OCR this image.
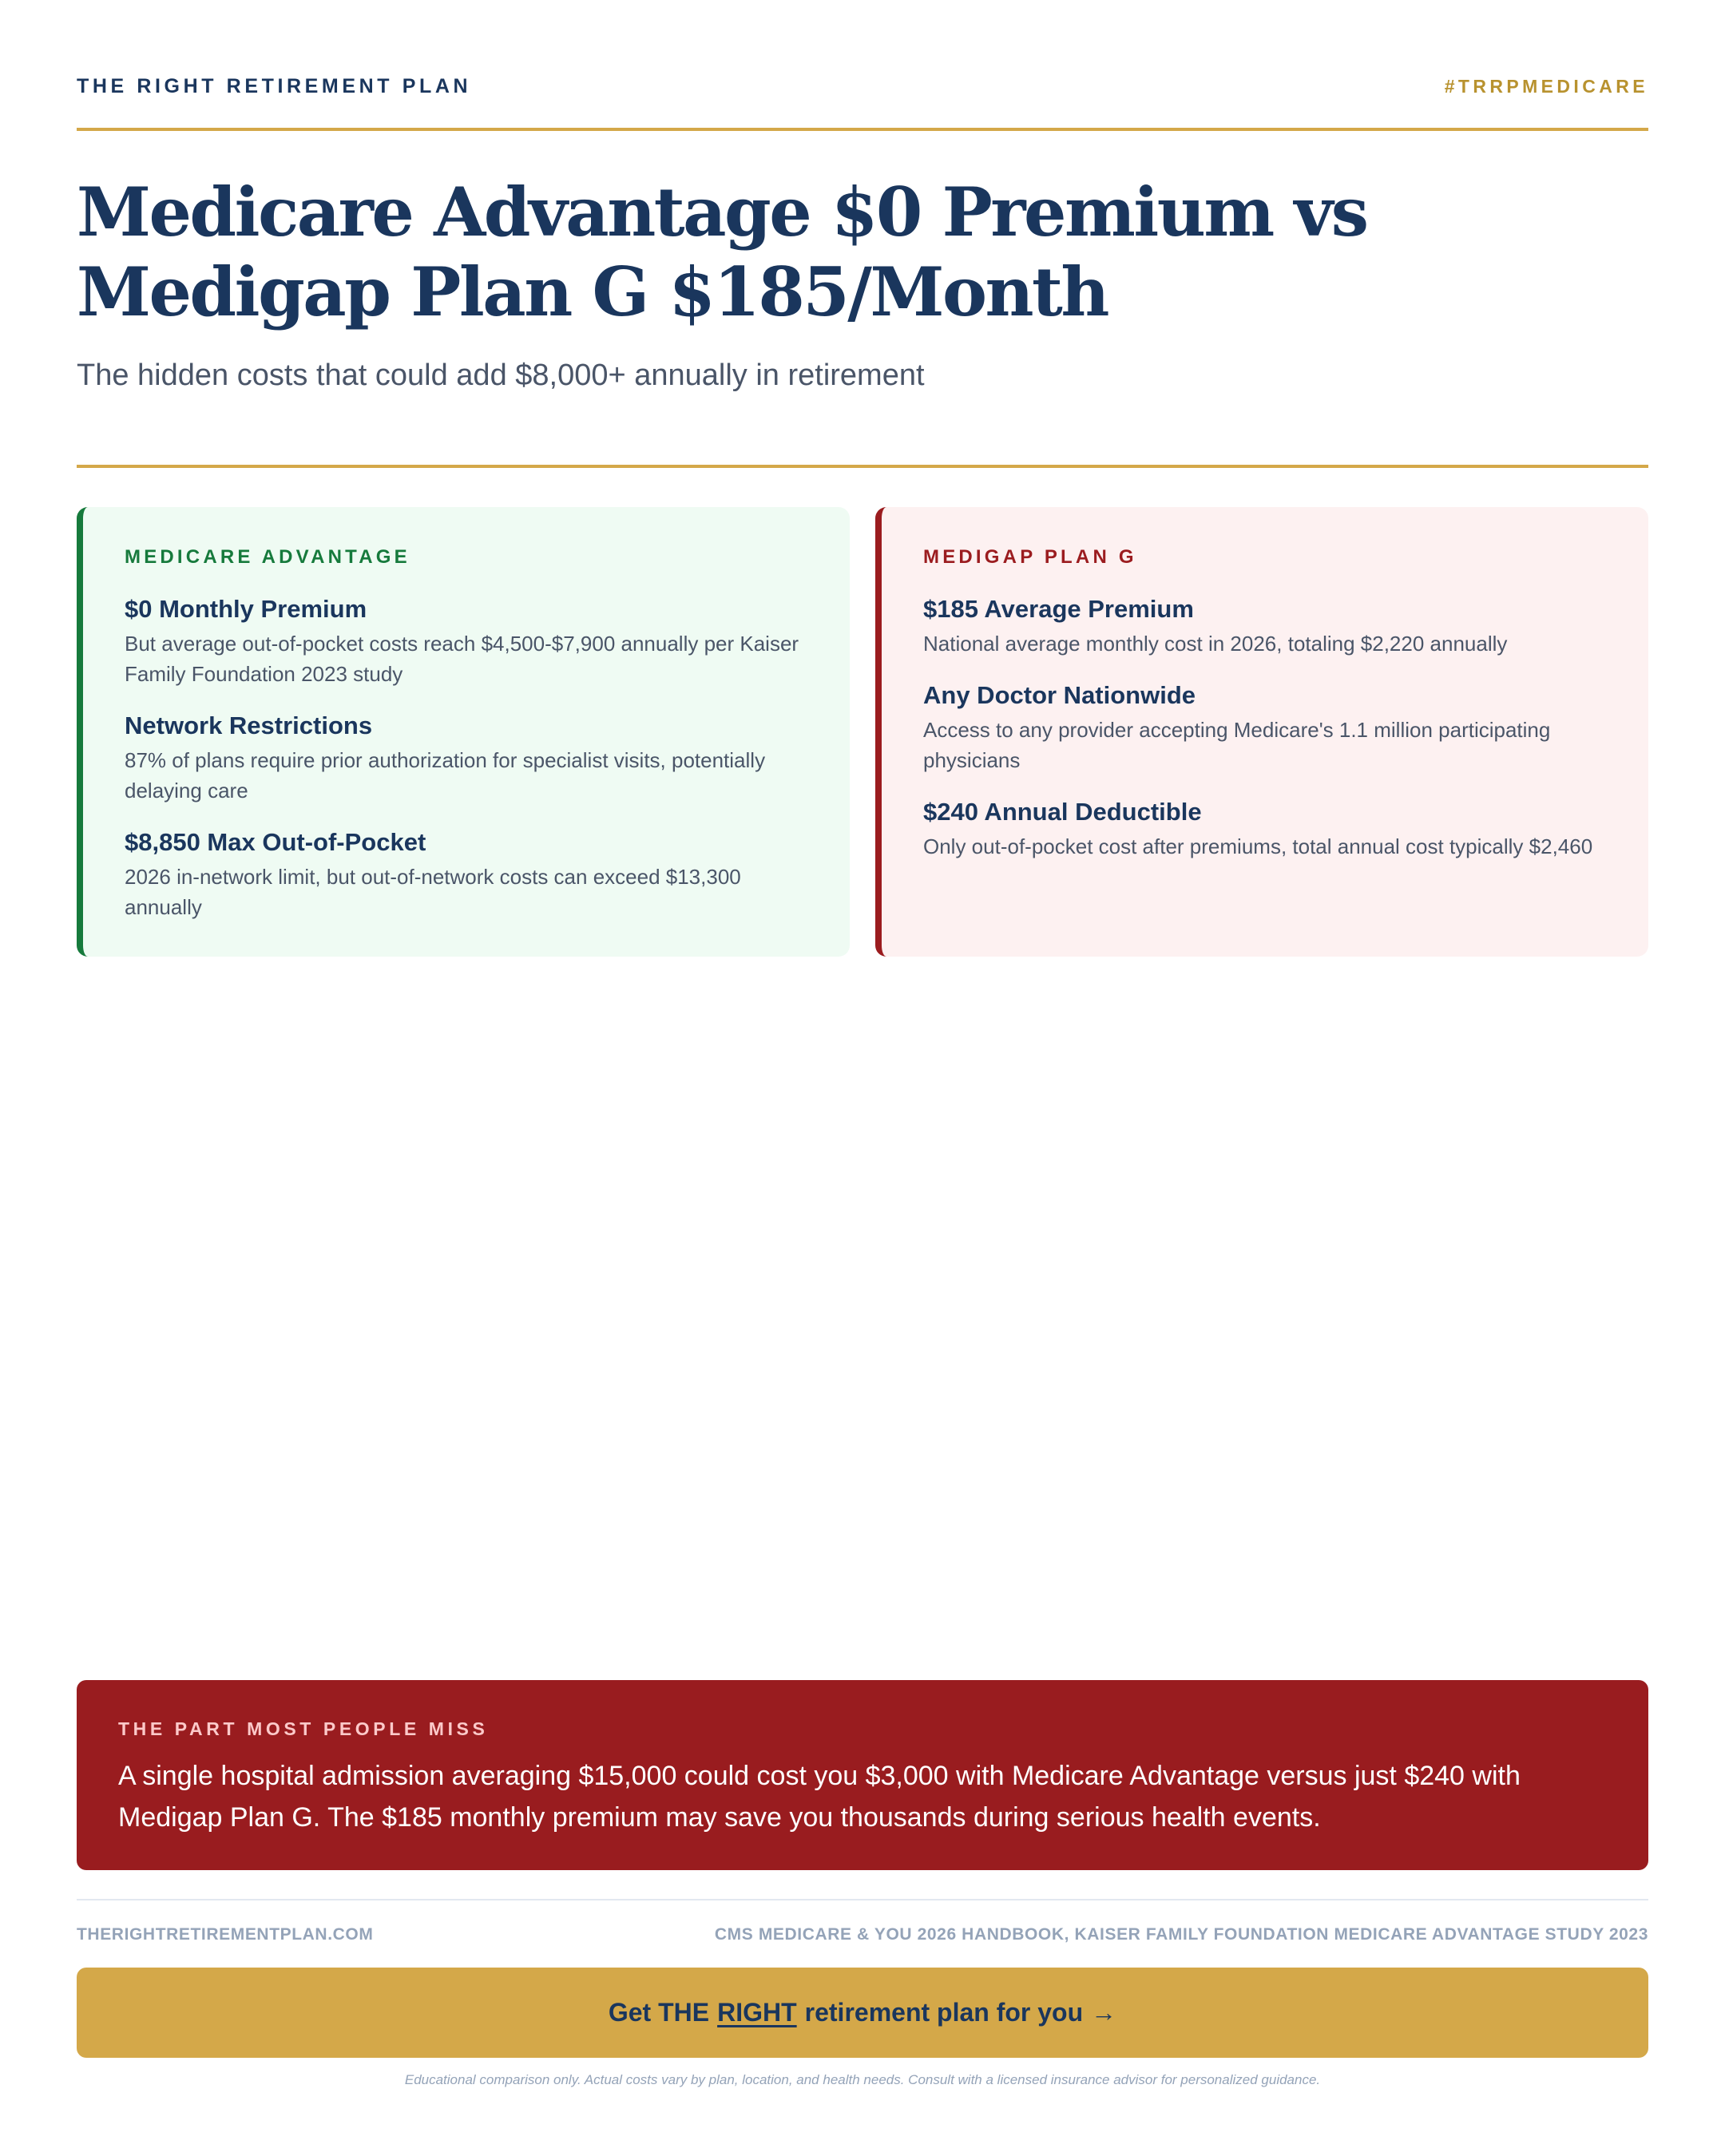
THE RIGHT RETIREMENT PLAN	#TRRPMEDICARE
Medicare Advantage $0 Premium vs Medigap Plan G $185/Month

The hidden costs that could add $8,000+ annually in retirement

MEDICARE ADVANTAGE
$0 Monthly Premium
But average out-of-pocket costs reach $4,500-$7,900 annually per Kaiser Family Foundation 2023 study
Network Restrictions
87% of plans require prior authorization for specialist visits, potentially delaying care
$8,850 Max Out-of-Pocket
2026 in-network limit, but out-of-network costs can exceed $13,300 annually
MEDIGAP PLAN G
$185 Average Premium
National average monthly cost in 2026, totaling $2,220 annually
Any Doctor Nationwide
Access to any provider accepting Medicare's 1.1 million participating physicians
$240 Annual Deductible
Only out-of-pocket cost after premiums, total annual cost typically $2,460
THE PART MOST PEOPLE MISS
A single hospital admission averaging $15,000 could cost you $3,000 with Medicare Advantage versus just $240 with Medigap Plan G. The $185 monthly premium may save you thousands during serious health events.
THERIGHTRETIREMENTPLAN.COM	CMS MEDICARE & YOU 2026 HANDBOOK, KAISER FAMILY FOUNDATION MEDICARE ADVANTAGE STUDY 2023
Get THE RIGHT retirement plan for you →

Educational comparison only. Actual costs vary by plan, location, and health needs. Consult with a licensed insurance advisor for personalized guidance.
